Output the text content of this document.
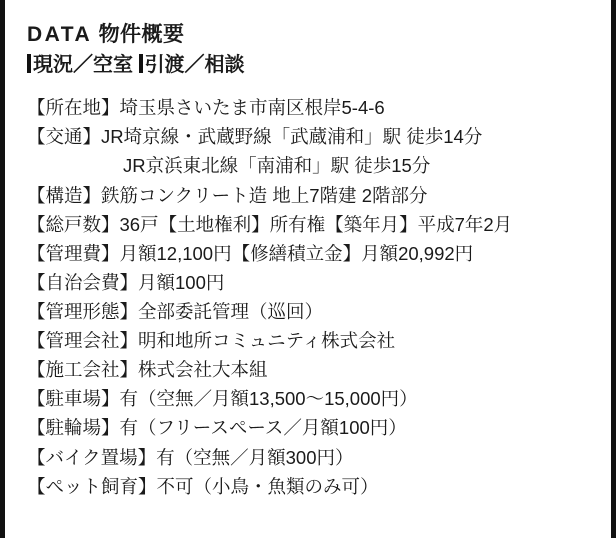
DATA 物件概要
現況／空室 引渡／相談
【所在地】埼玉県さいたま市南区根岸5-4-6
【交通】JR埼京線・武蔵野線「武蔵浦和」駅 徒歩14分
JR京浜東北線「南浦和」駅 徒歩15分
【構造】鉄筋コンクリート造 地上7階建 2階部分
【総戸数】36戸【土地権利】所有権【築年月】平成7年2月
【管理費】月額12,100円【修繕積立金】月額20,992円
【自治会費】月額100円
【管理形態】全部委託管理（巡回）
【管理会社】明和地所コミュニティ株式会社
【施工会社】株式会社大本組
【駐車場】有（空無／月額13,500〜15,000円）
【駐輪場】有（フリースペース／月額100円）
【バイク置場】有（空無／月額300円）
【ペット飼育】不可（小鳥・魚類のみ可）
